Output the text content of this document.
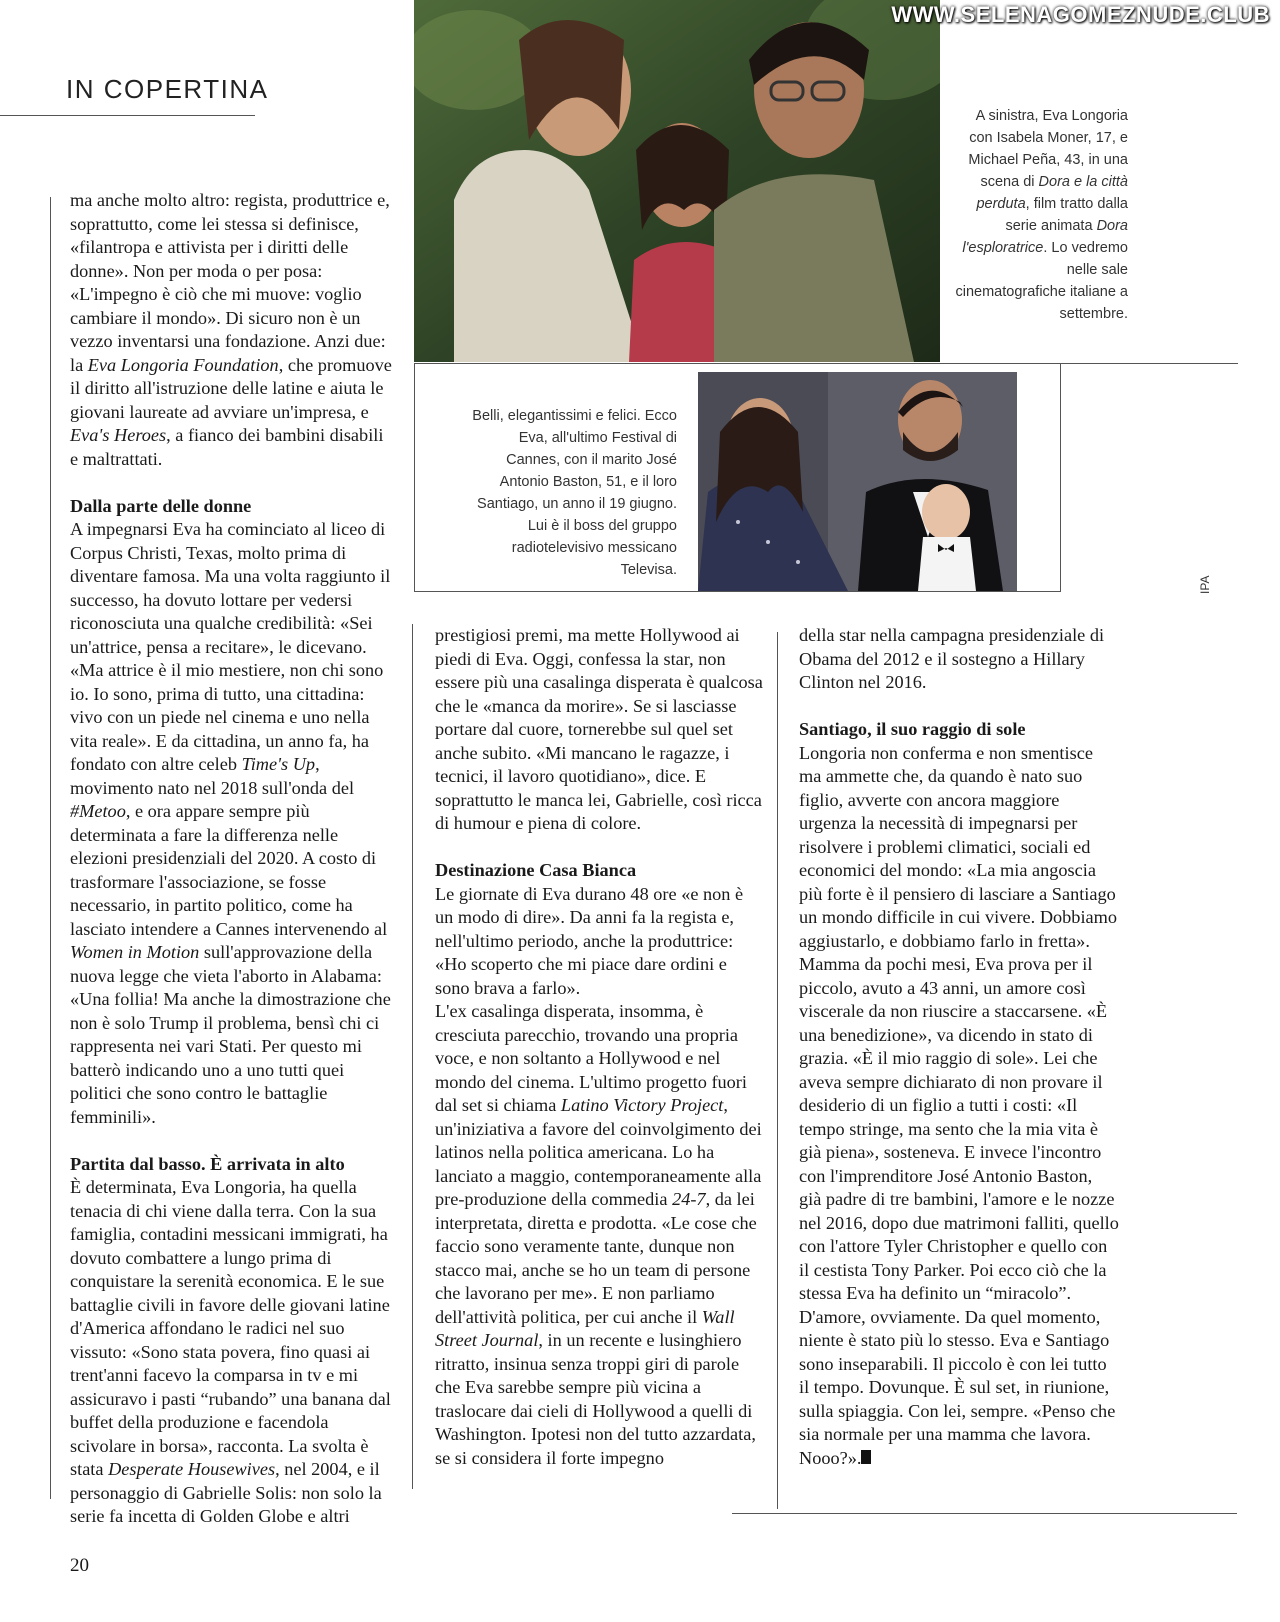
IN COPERTINA
WWW.SELENAGOMEZNUDE.CLUB
A sinistra, Eva Longoria con Isabela Moner, 17, e Michael Peña, 43, in una scena di Dora e la città perduta, film tratto dalla serie animata Dora l'esploratrice. Lo vedremo nelle sale cinematografiche italiane a settembre.
Belli, elegantissimi e felici. Ecco Eva, all'ultimo Festival di Cannes, con il marito José Antonio Baston, 51, e il loro Santiago, un anno il 19 giugno. Lui è il boss del gruppo radiotelevisivo messicano Televisa.
IPA

ma anche molto altro: regista, produttrice e, soprattutto, come lei stessa si definisce, «filantropa e attivista per i diritti delle donne». Non per moda o per posa: «L'impegno è ciò che mi muove: voglio cambiare il mondo». Di sicuro non è un vezzo inventarsi una fondazione. Anzi due: la Eva Longoria Foundation, che promuove il diritto all'istruzione delle latine e aiuta le giovani laureate ad avviare un'impresa, e Eva's Heroes, a fianco dei bambini disabili e maltrattati.

Dalla parte delle donne

A impegnarsi Eva ha cominciato al liceo di Corpus Christi, Texas, molto prima di diventare famosa. Ma una volta raggiunto il successo, ha dovuto lottare per vedersi riconosciuta una qualche credibilità: «Sei un'attrice, pensa a recitare», le dicevano. «Ma attrice è il mio mestiere, non chi sono io. Io sono, prima di tutto, una cittadina: vivo con un piede nel cinema e uno nella vita reale». E da cittadina, un anno fa, ha fondato con altre celeb Time's Up, movimento nato nel 2018 sull'onda del #Metoo, e ora appare sempre più determinata a fare la differenza nelle elezioni presidenziali del 2020. A costo di trasformare l'associazione, se fosse necessario, in partito politico, come ha lasciato intendere a Cannes intervenendo al Women in Motion sull'approvazione della nuova legge che vieta l'aborto in Alabama: «Una follia! Ma anche la dimostrazione che non è solo Trump il problema, bensì chi ci rappresenta nei vari Stati. Per questo mi batterò indicando uno a uno tutti quei politici che sono contro le battaglie femminili».

Partita dal basso. È arrivata in alto

È determinata, Eva Longoria, ha quella tenacia di chi viene dalla terra. Con la sua famiglia, contadini messicani immigrati, ha dovuto combattere a lungo prima di conquistare la serenità economica. E le sue battaglie civili in favore delle giovani latine d'America affondano le radici nel suo vissuto: «Sono stata povera, fino quasi ai trent'anni facevo la comparsa in tv e mi assicuravo i pasti “rubando” una banana dal buffet della produzione e facendola scivolare in borsa», racconta. La svolta è stata Desperate Housewives, nel 2004, e il personaggio di Gabrielle Solis: non solo la serie fa incetta di Golden Globe e altri

prestigiosi premi, ma mette Hollywood ai piedi di Eva. Oggi, confessa la star, non essere più una casalinga disperata è qualcosa che le «manca da morire». Se si lasciasse portare dal cuore, tornerebbe sul quel set anche subito. «Mi mancano le ragazze, i tecnici, il lavoro quotidiano», dice. E soprattutto le manca lei, Gabrielle, così ricca di humour e piena di colore.

Destinazione Casa Bianca

Le giornate di Eva durano 48 ore «e non è un modo di dire». Da anni fa la regista e, nell'ultimo periodo, anche la produttrice: «Ho scoperto che mi piace dare ordini e sono brava a farlo».

L'ex casalinga disperata, insomma, è cresciuta parecchio, trovando una propria voce, e non soltanto a Hollywood e nel mondo del cinema. L'ultimo progetto fuori dal set si chiama Latino Victory Project, un'iniziativa a favore del coinvolgimento dei latinos nella politica americana. Lo ha lanciato a maggio, contemporaneamente alla pre-produzione della commedia 24-7, da lei interpretata, diretta e prodotta. «Le cose che faccio sono veramente tante, dunque non stacco mai, anche se ho un team di persone che lavorano per me». E non parliamo dell'attività politica, per cui anche il Wall Street Journal, in un recente e lusinghiero ritratto, insinua senza troppi giri di parole che Eva sarebbe sempre più vicina a traslocare dai cieli di Hollywood a quelli di Washington. Ipotesi non del tutto azzardata, se si considera il forte impegno

della star nella campagna presidenziale di Obama del 2012 e il sostegno a Hillary Clinton nel 2016.

Santiago, il suo raggio di sole

Longoria non conferma e non smentisce ma ammette che, da quando è nato suo figlio, avverte con ancora maggiore urgenza la necessità di impegnarsi per risolvere i problemi climatici, sociali ed economici del mondo: «La mia angoscia più forte è il pensiero di lasciare a Santiago un mondo difficile in cui vivere. Dobbiamo aggiustarlo, e dobbiamo farlo in fretta». Mamma da pochi mesi, Eva prova per il piccolo, avuto a 43 anni, un amore così viscerale da non riuscire a staccarsene. «È una benedizione», va dicendo in stato di grazia. «È il mio raggio di sole». Lei che aveva sempre dichiarato di non provare il desiderio di un figlio a tutti i costi: «Il tempo stringe, ma sento che la mia vita è già piena», sosteneva. E invece l'incontro con l'imprenditore José Antonio Baston, già padre di tre bambini, l'amore e le nozze nel 2016, dopo due matrimoni falliti, quello con l'attore Tyler Christopher e quello con il cestista Tony Parker. Poi ecco ciò che la stessa Eva ha definito un “miracolo”. D'amore, ovviamente. Da quel momento, niente è stato più lo stesso. Eva e Santiago sono inseparabili. Il piccolo è con lei tutto il tempo. Dovunque. È sul set, in riunione, sulla spiaggia. Con lei, sempre. «Penso che sia normale per una mamma che lavora. Nooo?».

20
